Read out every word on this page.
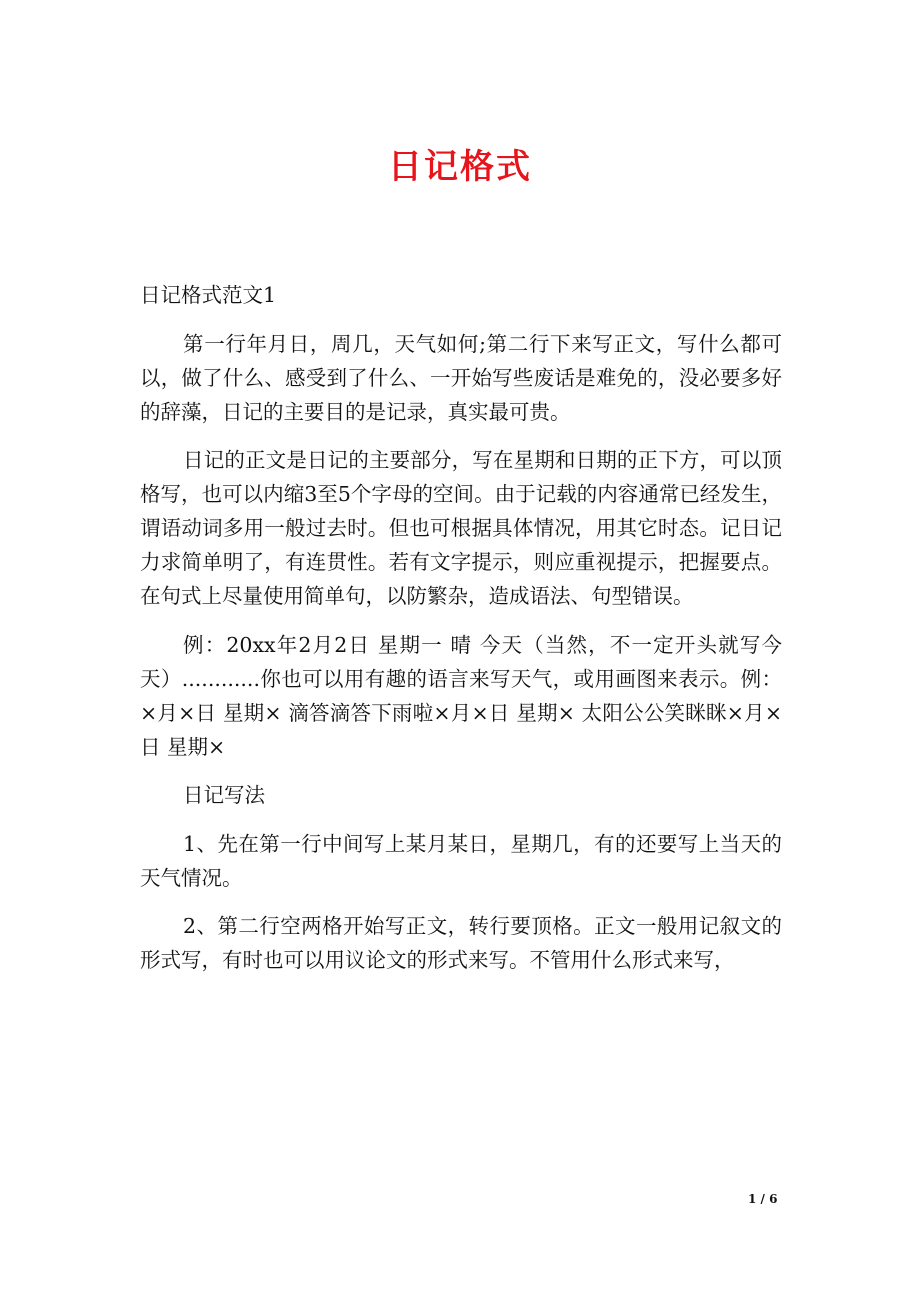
日记格式

日记格式范文1

第一行年月日，周几，天气如何;第二行下来写正文，写什么都可以，做了什么、感受到了什么、一开始写些废话是难免的，没必要多好的辞藻，日记的主要目的是记录，真实最可贵。

日记的正文是日记的主要部分，写在星期和日期的正下方，可以顶格写，也可以内缩3至5个字母的空间。由于记载的内容通常已经发生，谓语动词多用一般过去时。但也可根据具体情况，用其它时态。记日记力求简单明了，有连贯性。若有文字提示，则应重视提示，把握要点。在句式上尽量使用简单句，以防繁杂，造成语法、句型错误。

例：20xx年2月2日 星期一 晴 今天（当然，不一定开头就写今天）............你也可以用有趣的语言来写天气，或用画图来表示。例：×月×日 星期× 滴答滴答下雨啦×月×日 星期× 太阳公公笑眯眯×月×日 星期×

日记写法

1、先在第一行中间写上某月某日，星期几，有的还要写上当天的天气情况。

2、第二行空两格开始写正文，转行要顶格。正文一般用记叙文的形式写，有时也可以用议论文的形式来写。不管用什么形式来写，

1 / 6
